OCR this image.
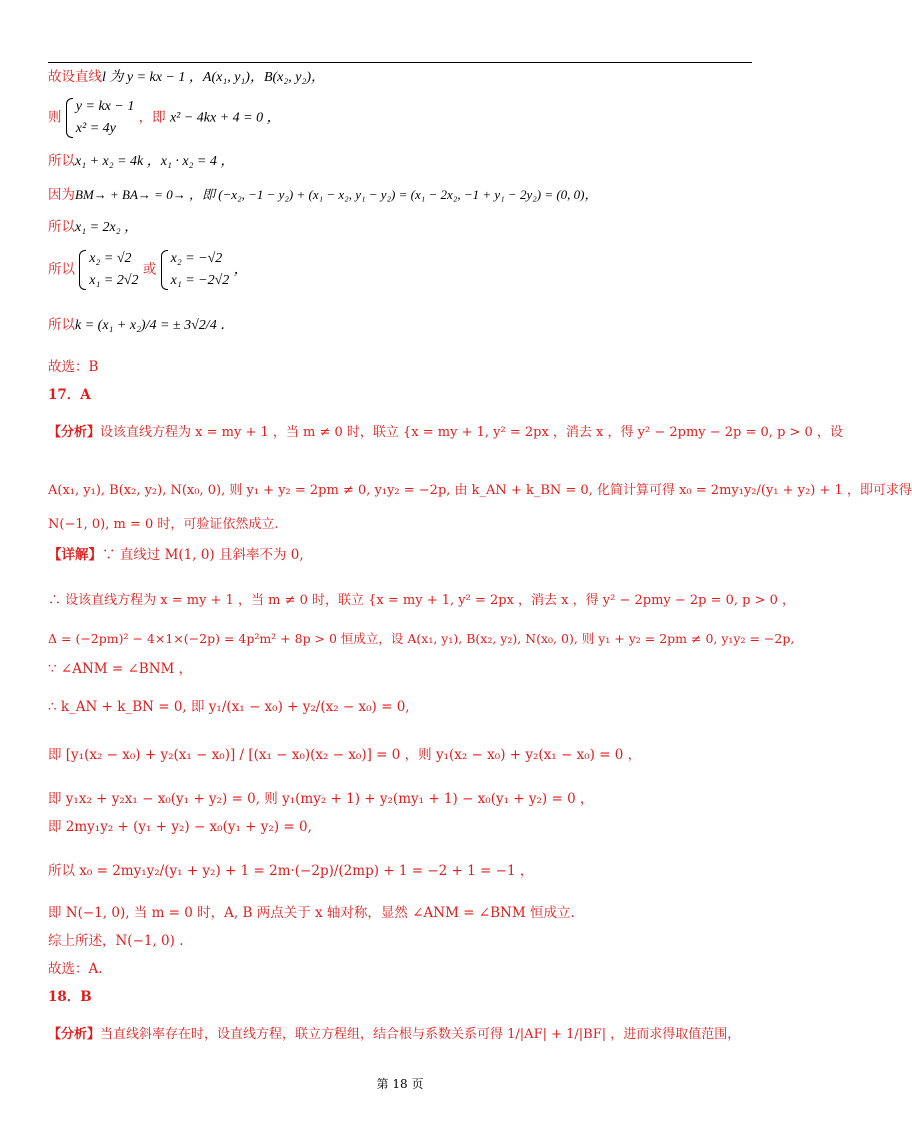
故设直线l 为 y = kx − 1 ，A(x₁, y₁)，B(x₂, y₂)，
则
y = kx − 1
x² = 4y
，即 x² − 4kx + 4 = 0 ，
所以x₁ + x₂ = 4k ，x₁ · x₂ = 4 ，
因为BM→ + BA→ = 0→ ，即 (−x₂, −1 − y₂) + (x₁ − x₂, y₁ − y₂) = (x₁ − 2x₂, −1 + y₁ − 2y₂) = (0, 0)，
所以x₁ = 2x₂ ，
所以
x₂ = √2
x₁ = 2√2
或
x₂ = −√2
x₁ = −2√2
，
所以k = (x₁ + x₂)/4 = ± 3√2/4 ．
故选：B
17．A
【分析】设该直线方程为 x = my + 1 ，当 m ≠ 0 时，联立 {x = my + 1, y² = 2px ，消去 x ，得 y² − 2pmy − 2p = 0, p > 0 ，设
A(x₁, y₁), B(x₂, y₂), N(x₀, 0), 则 y₁ + y₂ = 2pm ≠ 0, y₁y₂ = −2p, 由 k_AN + k_BN = 0, 化简计算可得 x₀ = 2my₁y₂/(y₁ + y₂) + 1 ，即可求得
N(−1, 0), m = 0 时，可验证依然成立.
【详解】∵ 直线过 M(1, 0) 且斜率不为 0,
∴ 设该直线方程为 x = my + 1 ，当 m ≠ 0 时，联立 {x = my + 1, y² = 2px ，消去 x ，得 y² − 2pmy − 2p = 0, p > 0 ，
Δ = (−2pm)² − 4×1×(−2p) = 4p²m² + 8p > 0 恒成立，设 A(x₁, y₁), B(x₂, y₂), N(x₀, 0), 则 y₁ + y₂ = 2pm ≠ 0, y₁y₂ = −2p,
∵ ∠ANM = ∠BNM ，
∴ k_AN + k_BN = 0, 即 y₁/(x₁ − x₀) + y₂/(x₂ − x₀) = 0,
即 [y₁(x₂ − x₀) + y₂(x₁ − x₀)] / [(x₁ − x₀)(x₂ − x₀)] = 0 ，则 y₁(x₂ − x₀) + y₂(x₁ − x₀) = 0 ，
即 y₁x₂ + y₂x₁ − x₀(y₁ + y₂) = 0, 则 y₁(my₂ + 1) + y₂(my₁ + 1) − x₀(y₁ + y₂) = 0 ，
即 2my₁y₂ + (y₁ + y₂) − x₀(y₁ + y₂) = 0,
所以 x₀ = 2my₁y₂/(y₁ + y₂) + 1 = 2m·(−2p)/(2mp) + 1 = −2 + 1 = −1 ，
即 N(−1, 0), 当 m = 0 时，A, B 两点关于 x 轴对称，显然 ∠ANM = ∠BNM 恒成立.
综上所述，N(−1, 0) .
故选：A.
18．B
【分析】当直线斜率存在时，设直线方程，联立方程组，结合根与系数关系可得 1/|AF| + 1/|BF| ，进而求得取值范围，
第 18 页
